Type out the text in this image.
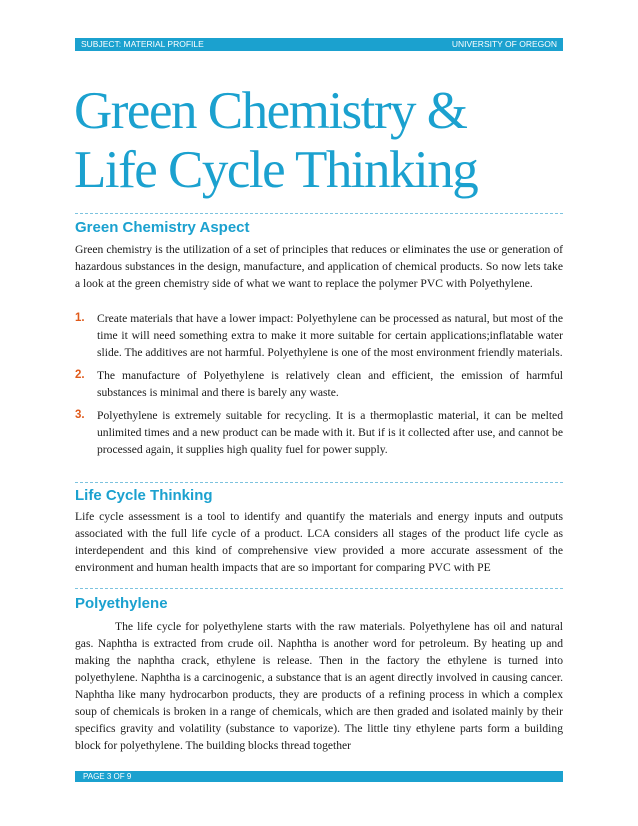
SUBJECT: MATERIAL PROFILE	UNIVERSITY OF OREGON
Green Chemistry &
Life Cycle Thinking
Green Chemistry Aspect

Green chemistry is the utilization of a set of principles that reduces or eliminates the use or generation of hazardous substances in the design, manufacture, and application of chemical products. So now lets take a look at the green chemistry side of what we want to replace the polymer PVC with Polyethylene.

1. Create materials that have a lower impact: Polyethylene can be processed as natural, but most of the time it will need something extra to make it more suitable for certain applications;inflatable water slide. The additives are not harmful. Polyethylene is one of the most environment friendly materials.
2. The manufacture of Polyethylene is relatively clean and efficient, the emission of harmful substances is minimal and there is barely any waste.
3. Polyethylene is extremely suitable for recycling. It is a thermoplastic material, it can be melted unlimited times and a new product can be made with it. But if is it collected after use, and cannot be processed again, it supplies high quality fuel for power supply.
Life Cycle Thinking

Life cycle assessment is a tool to identify and quantify the materials and energy inputs and outputs associated with the full life cycle of a product. LCA considers all stages of the product life cycle as interdependent and this kind of comprehensive view provided a more accurate assessment of the environment and human health impacts that are so important for comparing PVC with PE

Polyethylene

The life cycle for polyethylene starts with the raw materials. Polyethylene has oil and natural gas. Naphtha is extracted from crude oil. Naphtha is another word for petroleum. By heating up and making the naphtha crack, ethylene is release. Then in the factory the ethylene is turned into polyethylene. Naphtha is a carcinogenic, a substance that is an agent directly involved in causing cancer. Naphtha like many hydrocarbon products, they are products of a refining process in which a complex soup of chemicals is broken in a range of chemicals, which are then graded and isolated mainly by their specifics gravity and volatility (substance to vaporize). The little tiny ethylene parts form a building block for polyethylene. The building blocks thread together

PAGE 3 OF 9
